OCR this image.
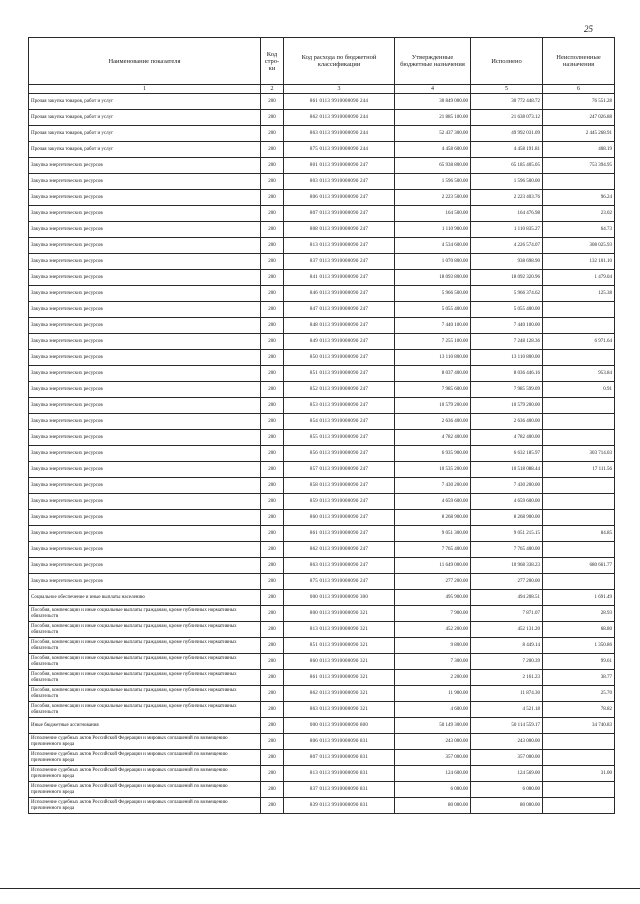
25
Наименование показателя	Код стро-ки	Код расхода по бюджетной классификации	Утвержденные бюджетные назначения	Исполнено	Неисполненные назначения
1	2	3	4	5	6
Прочая закупка товаров, работ и услуг	200	861 0113 9910000090 244	30 849 000.00	30 772 448.72	76 551.28
Прочая закупка товаров, работ и услуг	200	862 0113 9910000090 244	21 885 100.00	21 638 073.12	247 026.88
Прочая закупка товаров, работ и услуг	200	863 0113 9910000090 244	52 437 300.00	49 992 031.09	2 445 268.91
Прочая закупка товаров, работ и услуг	200	875 0113 9910000090 244	4 458 600.00	4 458 191.81	408.19
Закупка энергетических ресурсов	200	801 0113 9910000090 247	65 938 800.00	65 185 405.05	753 394.95
Закупка энергетических ресурсов	200	803 0113 9910000090 247	1 596 500.00	1 596 500.00	
Закупка энергетических ресурсов	200	806 0113 9910000090 247	2 223 500.00	2 223 403.76	96.24
Закупка энергетических ресурсов	200	807 0113 9910000090 247	164 500.00	164 476.98	23.02
Закупка энергетических ресурсов	200	808 0113 9910000090 247	1 110 900.00	1 110 835.27	64.73
Закупка энергетических ресурсов	200	813 0113 9910000090 247	4 534 600.00	4 226 574.07	308 025.93
Закупка энергетических ресурсов	200	837 0113 9910000090 247	1 070 800.00	938 698.90	132 101.10
Закупка энергетических ресурсов	200	841 0113 9910000090 247	18 093 800.00	18 092 320.96	1 479.04
Закупка энергетических ресурсов	200	846 0113 9910000090 247	5 966 500.00	5 966 374.62	125.38
Закупка энергетических ресурсов	200	847 0113 9910000090 247	5 055 400.00	5 055 400.00	
Закупка энергетических ресурсов	200	848 0113 9910000090 247	7 440 100.00	7 440 100.00	
Закупка энергетических ресурсов	200	849 0113 9910000090 247	7 255 100.00	7 248 128.36	6 971.64
Закупка энергетических ресурсов	200	850 0113 9910000090 247	13 110 800.00	13 110 800.00	
Закупка энергетических ресурсов	200	851 0113 9910000090 247	8 037 400.00	8 036 446.16	953.84
Закупка энергетических ресурсов	200	852 0113 9910000090 247	7 985 600.00	7 985 599.09	0.91
Закупка энергетических ресурсов	200	853 0113 9910000090 247	10 579 200.00	10 579 200.00	
Закупка энергетических ресурсов	200	854 0113 9910000090 247	2 636 400.00	2 636 400.00	
Закупка энергетических ресурсов	200	855 0113 9910000090 247	4 782 400.00	4 782 400.00	
Закупка энергетических ресурсов	200	856 0113 9910000090 247	6 935 900.00	6 632 185.97	303 714.03
Закупка энергетических ресурсов	200	857 0113 9910000090 247	10 535 200.00	10 518 088.44	17 111.56
Закупка энергетических ресурсов	200	858 0113 9910000090 247	7 430 200.00	7 430 200.00	
Закупка энергетических ресурсов	200	859 0113 9910000090 247	4 659 600.00	4 659 600.00	
Закупка энергетических ресурсов	200	860 0113 9910000090 247	8 268 900.00	8 268 900.00	
Закупка энергетических ресурсов	200	861 0113 9910000090 247	9 051 300.00	9 051 215.15	84.85
Закупка энергетических ресурсов	200	862 0113 9910000090 247	7 765 400.00	7 765 400.00	
Закупка энергетических ресурсов	200	863 0113 9910000090 247	11 649 000.00	10 968 338.23	680 661.77
Закупка энергетических ресурсов	200	875 0113 9910000090 247	277 200.00	277 200.00	
Социальное обеспечение и иные выплаты населению	200	000 0113 9910000090 300	495 900.00	494 208.51	1 691.49
Пособия, компенсации и иные социальные выплаты гражданам, кроме публичных нормативных обязательств	200	800 0113 9910000090 321	7 900.00	7 871.07	28.93
Пособия, компенсации и иные социальные выплаты гражданам, кроме публичных нормативных обязательств	200	813 0113 9910000090 321	452 200.00	452 131.20	68.80
Пособия, компенсации и иные социальные выплаты гражданам, кроме публичных нормативных обязательств	200	851 0113 9910000090 321	9 800.00	8 449.14	1 350.86
Пособия, компенсации и иные социальные выплаты гражданам, кроме публичных нормативных обязательств	200	860 0113 9910000090 321	7 300.00	7 200.39	99.61
Пособия, компенсации и иные социальные выплаты гражданам, кроме публичных нормативных обязательств	200	861 0113 9910000090 321	2 200.00	2 161.23	38.77
Пособия, компенсации и иные социальные выплаты гражданам, кроме публичных нормативных обязательств	200	862 0113 9910000090 321	11 900.00	11 874.30	25.70
Пособия, компенсации и иные социальные выплаты гражданам, кроме публичных нормативных обязательств	200	863 0113 9910000090 321	4 600.00	4 521.18	78.82
Иные бюджетные ассигнования	200	000 0113 9910000090 800	50 149 300.00	50 114 559.17	34 740.83
Исполнение судебных актов Российской Федерации и мировых соглашений по возмещению причиненного вреда	200	806 0113 9910000090 831	243 000.00	243 000.00	
Исполнение судебных актов Российской Федерации и мировых соглашений по возмещению причиненного вреда	200	807 0113 9910000090 831	357 000.00	357 000.00	
Исполнение судебных актов Российской Федерации и мировых соглашений по возмещению причиненного вреда	200	813 0113 9910000090 831	124 600.00	124 569.00	31.00
Исполнение судебных актов Российской Федерации и мировых соглашений по возмещению причиненного вреда	200	837 0113 9910000090 831	6 000.00	6 000.00	
Исполнение судебных актов Российской Федерации и мировых соглашений по возмещению причиненного вреда	200	839 0113 9910000090 831	80 000.00	80 000.00	
